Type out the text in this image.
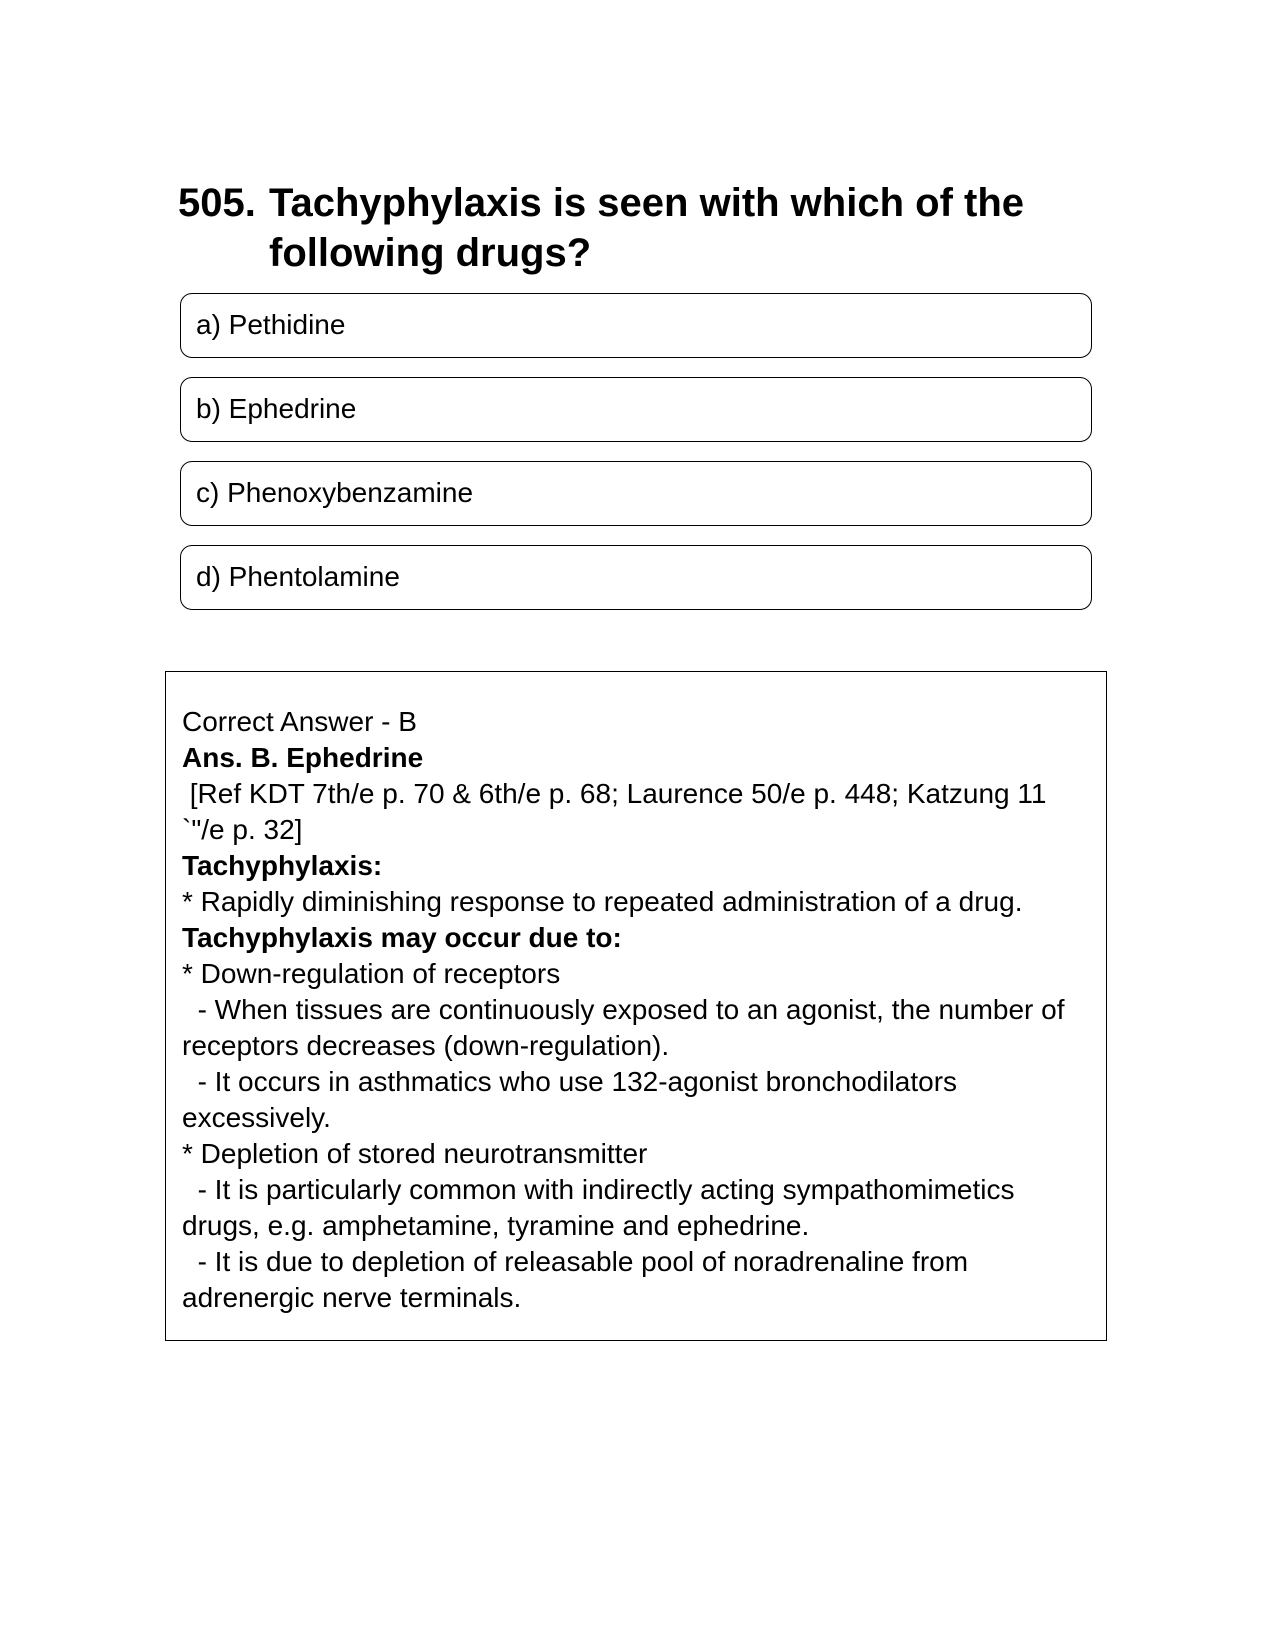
505. Tachyphylaxis is seen with which of the following drugs?
a) Pethidine
b) Ephedrine
c) Phenoxybenzamine
d) Phentolamine
Correct Answer - B
Ans. B. Ephedrine
[Ref KDT 7th/e p. 70 & 6th/e p. 68; Laurence 50/e p. 448; Katzung 11 `"/e p. 32]
Tachyphylaxis:
* Rapidly diminishing response to repeated administration of a drug.
Tachyphylaxis may occur due to:
* Down-regulation of receptors
- When tissues are continuously exposed to an agonist, the number of receptors decreases (down-regulation).
- It occurs in asthmatics who use 132-agonist bronchodilators excessively.
* Depletion of stored neurotransmitter
- It is particularly common with indirectly acting sympathomimetics drugs, e.g. amphetamine, tyramine and ephedrine.
- It is due to depletion of releasable pool of noradrenaline from adrenergic nerve terminals.
